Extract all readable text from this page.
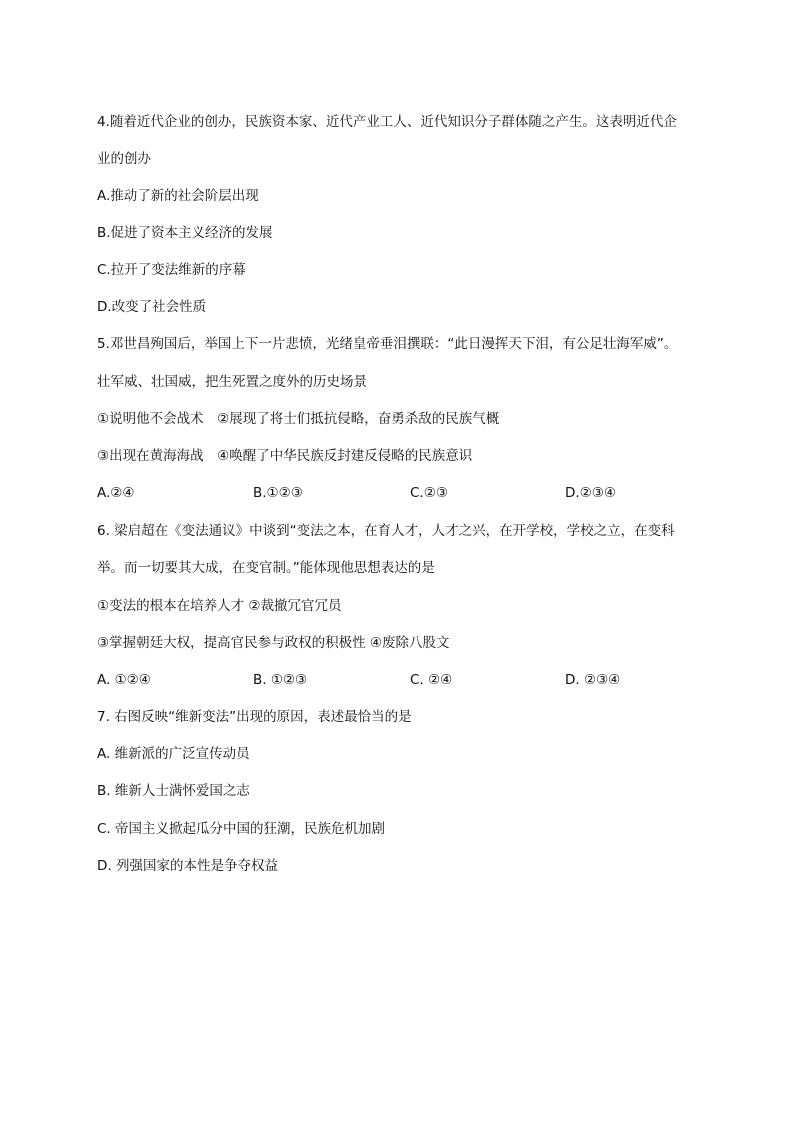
4.随着近代企业的创办，民族资本家、近代产业工人、近代知识分子群体随之产生。这表明近代企
业的创办
A.推动了新的社会阶层出现
B.促进了资本主义经济的发展
C.拉开了变法维新的序幕
D.改变了社会性质
5.邓世昌殉国后，举国上下一片悲愤，光绪皇帝垂泪撰联：“此日漫挥天下泪，有公足壮海军威”。
壮军威、壮国威，把生死置之度外的历史场景
①说明他不会战术　②展现了将士们抵抗侵略，奋勇杀敌的民族气概
③出现在黄海海战　④唤醒了中华民族反封建反侵略的民族意识
A.②④	B.①②③	C.②③	D.②③④
6. 梁启超在《变法通议》中谈到“变法之本，在育人才，人才之兴，在开学校，学校之立，在变科
举。而一切要其大成，在变官制。”能体现他思想表达的是
①变法的根本在培养人才 ②裁撤冗官冗员
③掌握朝廷大权，提高官民参与政权的积极性 ④废除八股文
A. ①②④	B. ①②③	C. ②④	D. ②③④
7. 右图反映“维新变法”出现的原因，表述最恰当的是
A. 维新派的广泛宣传动员
B. 维新人士满怀爱国之志
C. 帝国主义掀起瓜分中国的狂潮，民族危机加剧
D. 列强国家的本性是争夺权益
